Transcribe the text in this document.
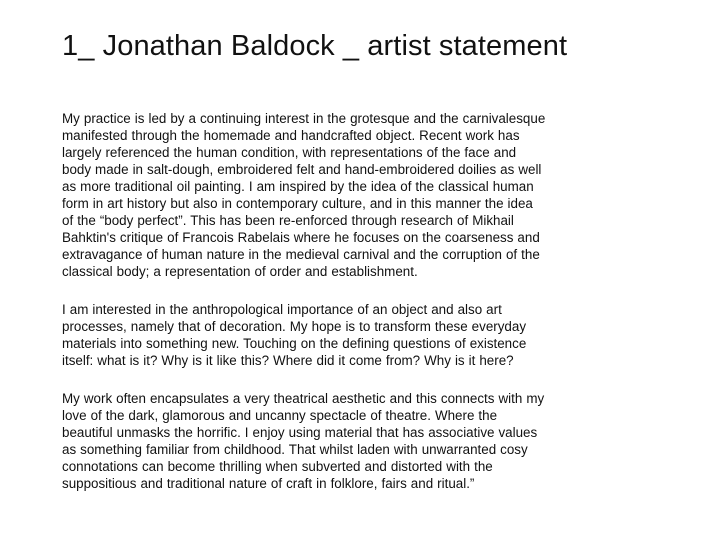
1_ Jonathan Baldock _ artist statement

My practice is led by a continuing interest in the grotesque and the carnivalesque
manifested through the homemade and handcrafted object. Recent work has
largely referenced the human condition, with representations of the face and
body made in salt-dough, embroidered felt and hand-embroidered doilies as well
as more traditional oil painting. I am inspired by the idea of the classical human
form in art history but also in contemporary culture, and in this manner the idea
of the “body perfect”. This has been re-enforced through research of Mikhail
Bahktin's critique of Francois Rabelais where he focuses on the coarseness and
extravagance of human nature in the medieval carnival and the corruption of the
classical body; a representation of order and establishment.

I am interested in the anthropological importance of an object and also art
processes, namely that of decoration. My hope is to transform these everyday
materials into something new. Touching on the defining questions of existence
itself: what is it? Why is it like this? Where did it come from? Why is it here?

My work often encapsulates a very theatrical aesthetic and this connects with my
love of the dark, glamorous and uncanny spectacle of theatre. Where the
beautiful unmasks the horrific. I enjoy using material that has associative values
as something familiar from childhood. That whilst laden with unwarranted cosy
connotations can become thrilling when subverted and distorted with the
suppositious and traditional nature of craft in folklore, fairs and ritual.”
